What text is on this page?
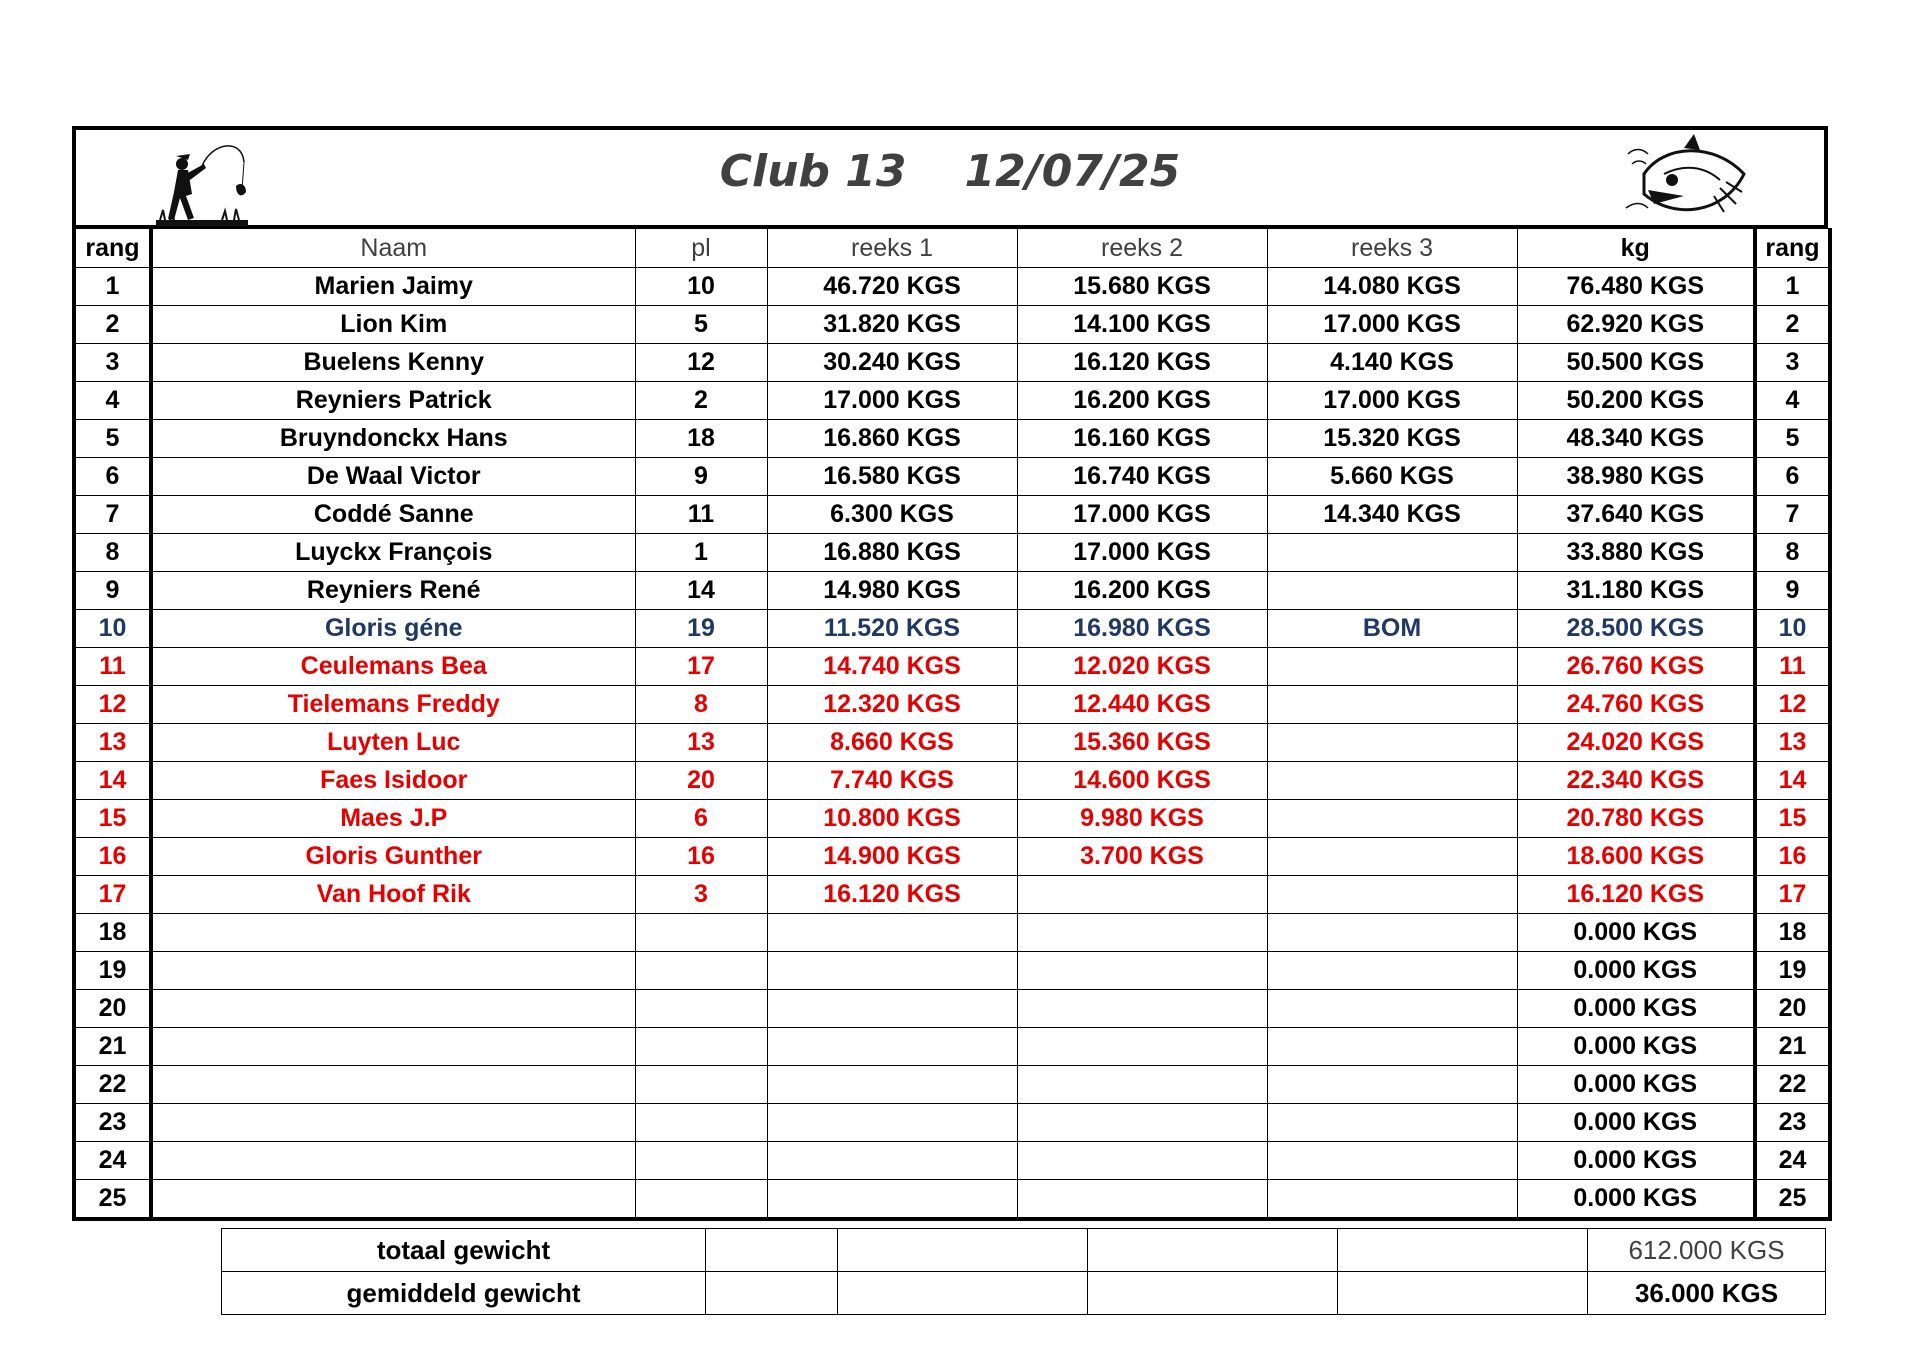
Club 13 12/07/25
rang	Naam	pl	reeks 1	reeks 2	reeks 3	kg	rang
1	Marien Jaimy	10	46.720 KGS	15.680 KGS	14.080 KGS	76.480 KGS	1
2	Lion Kim	5	31.820 KGS	14.100 KGS	17.000 KGS	62.920 KGS	2
3	Buelens Kenny	12	30.240 KGS	16.120 KGS	4.140 KGS	50.500 KGS	3
4	Reyniers Patrick	2	17.000 KGS	16.200 KGS	17.000 KGS	50.200 KGS	4
5	Bruyndonckx Hans	18	16.860 KGS	16.160 KGS	15.320 KGS	48.340 KGS	5
6	De Waal Victor	9	16.580 KGS	16.740 KGS	5.660 KGS	38.980 KGS	6
7	Coddé Sanne	11	6.300 KGS	17.000 KGS	14.340 KGS	37.640 KGS	7
8	Luyckx François	1	16.880 KGS	17.000 KGS		33.880 KGS	8
9	Reyniers René	14	14.980 KGS	16.200 KGS		31.180 KGS	9
10	Gloris géne	19	11.520 KGS	16.980 KGS	BOM	28.500 KGS	10
11	Ceulemans Bea	17	14.740 KGS	12.020 KGS		26.760 KGS	11
12	Tielemans Freddy	8	12.320 KGS	12.440 KGS		24.760 KGS	12
13	Luyten Luc	13	8.660 KGS	15.360 KGS		24.020 KGS	13
14	Faes Isidoor	20	7.740 KGS	14.600 KGS		22.340 KGS	14
15	Maes J.P	6	10.800 KGS	9.980 KGS		20.780 KGS	15
16	Gloris Gunther	16	14.900 KGS	3.700 KGS		18.600 KGS	16
17	Van Hoof Rik	3	16.120 KGS			16.120 KGS	17
18						0.000 KGS	18
19						0.000 KGS	19
20						0.000 KGS	20
21						0.000 KGS	21
22						0.000 KGS	22
23						0.000 KGS	23
24						0.000 KGS	24
25						0.000 KGS	25
totaal gewicht					612.000 KGS
gemiddeld gewicht					36.000 KGS
